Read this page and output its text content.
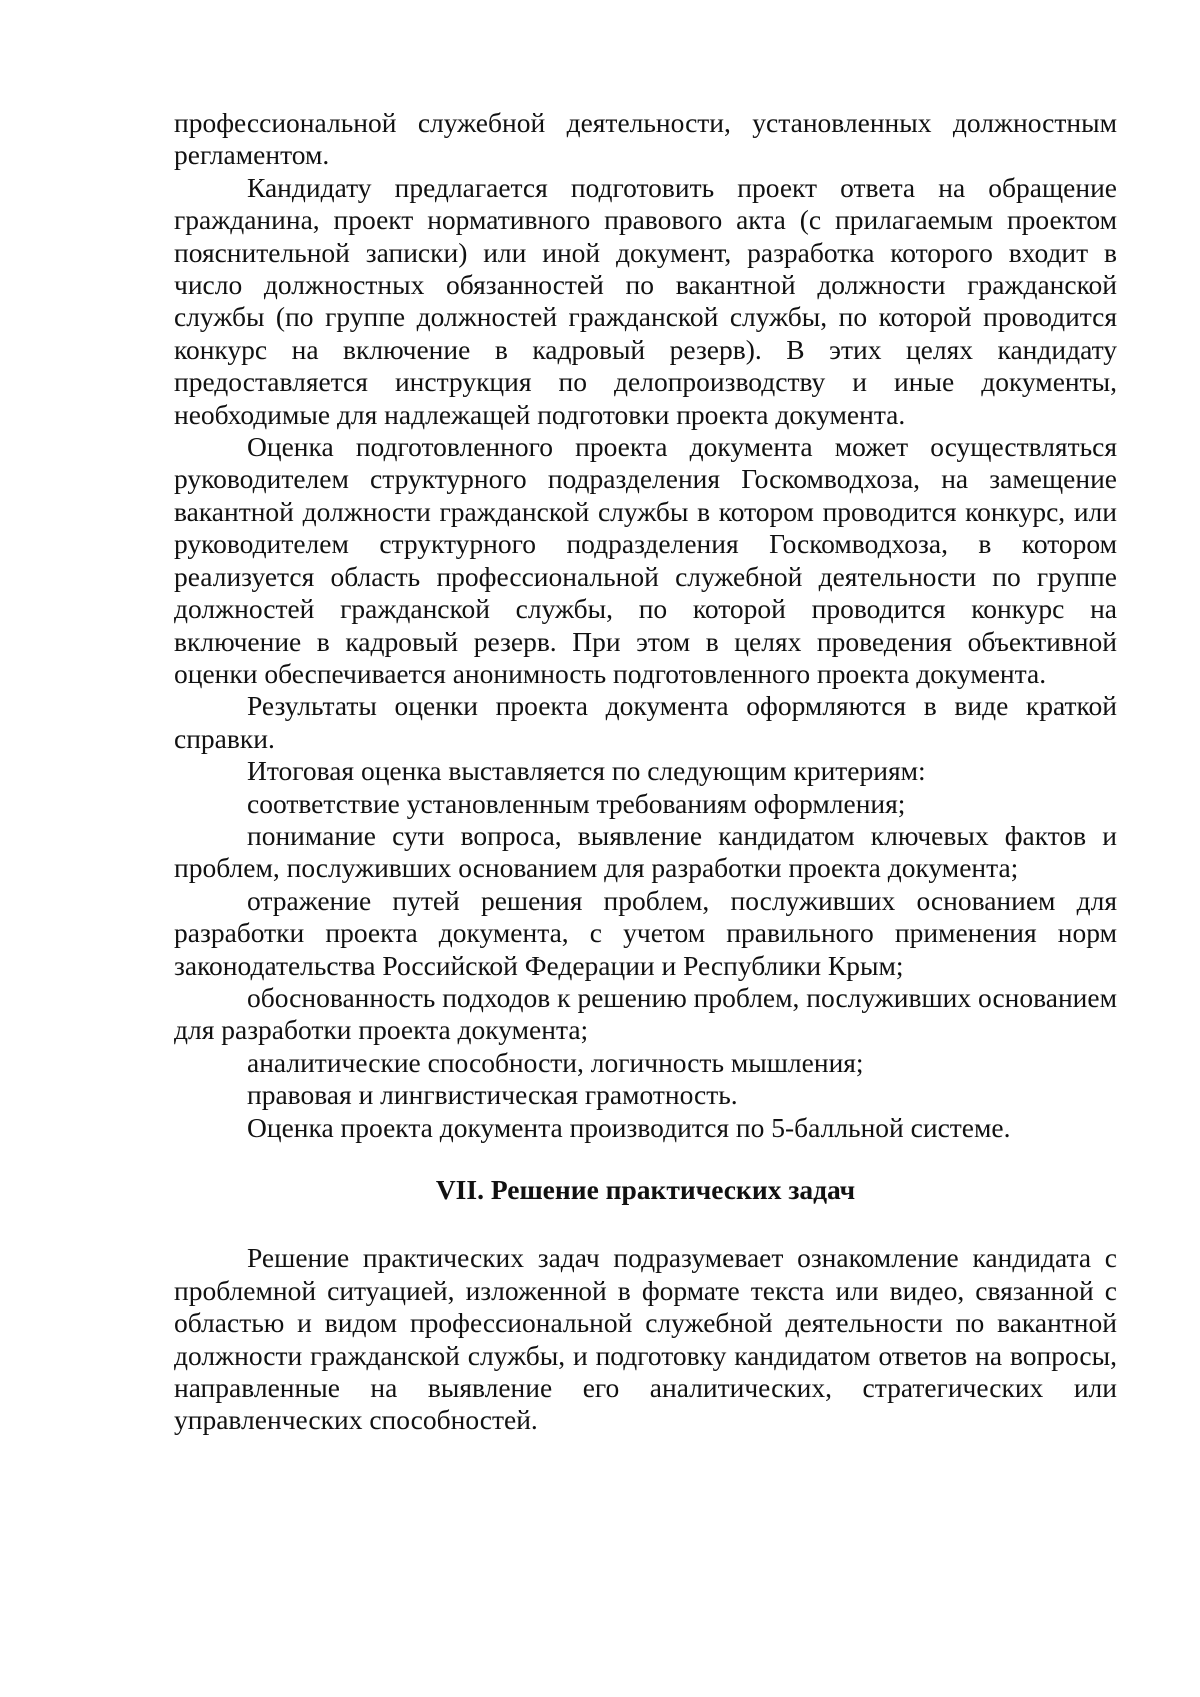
профессиональной служебной деятельности, установленных должностным регламентом.

Кандидату предлагается подготовить проект ответа на обращение гражданина, проект нормативного правового акта (с прилагаемым проектом пояснительной записки) или иной документ, разработка которого входит в число должностных обязанностей по вакантной должности гражданской службы (по группе должностей гражданской службы, по которой проводится конкурс на включение в кадровый резерв). В этих целях кандидату предоставляется инструкция по делопроизводству и иные документы, необходимые для надлежащей подготовки проекта документа.

Оценка подготовленного проекта документа может осуществляться руководителем структурного подразделения Госкомводхоза, на замещение вакантной должности гражданской службы в котором проводится конкурс, или руководителем структурного подразделения Госкомводхоза, в котором реализуется область профессиональной служебной деятельности по группе должностей гражданской службы, по которой проводится конкурс на включение в кадровый резерв. При этом в целях проведения объективной оценки обеспечивается анонимность подготовленного проекта документа.

Результаты оценки проекта документа оформляются в виде краткой справки.

Итоговая оценка выставляется по следующим критериям:

соответствие установленным требованиям оформления;

понимание сути вопроса, выявление кандидатом ключевых фактов и проблем, послуживших основанием для разработки проекта документа;

отражение путей решения проблем, послуживших основанием для разработки проекта документа, с учетом правильного применения норм законодательства Российской Федерации и Республики Крым;

обоснованность подходов к решению проблем, послуживших основанием для разработки проекта документа;

аналитические способности, логичность мышления;

правовая и лингвистическая грамотность.

Оценка проекта документа производится по 5-балльной системе.

VII. Решение практических задач

Решение практических задач подразумевает ознакомление кандидата с проблемной ситуацией, изложенной в формате текста или видео, связанной с областью и видом профессиональной служебной деятельности по вакантной должности гражданской службы, и подготовку кандидатом ответов на вопросы, направленные на выявление его аналитических, стратегических или управленческих способностей.
